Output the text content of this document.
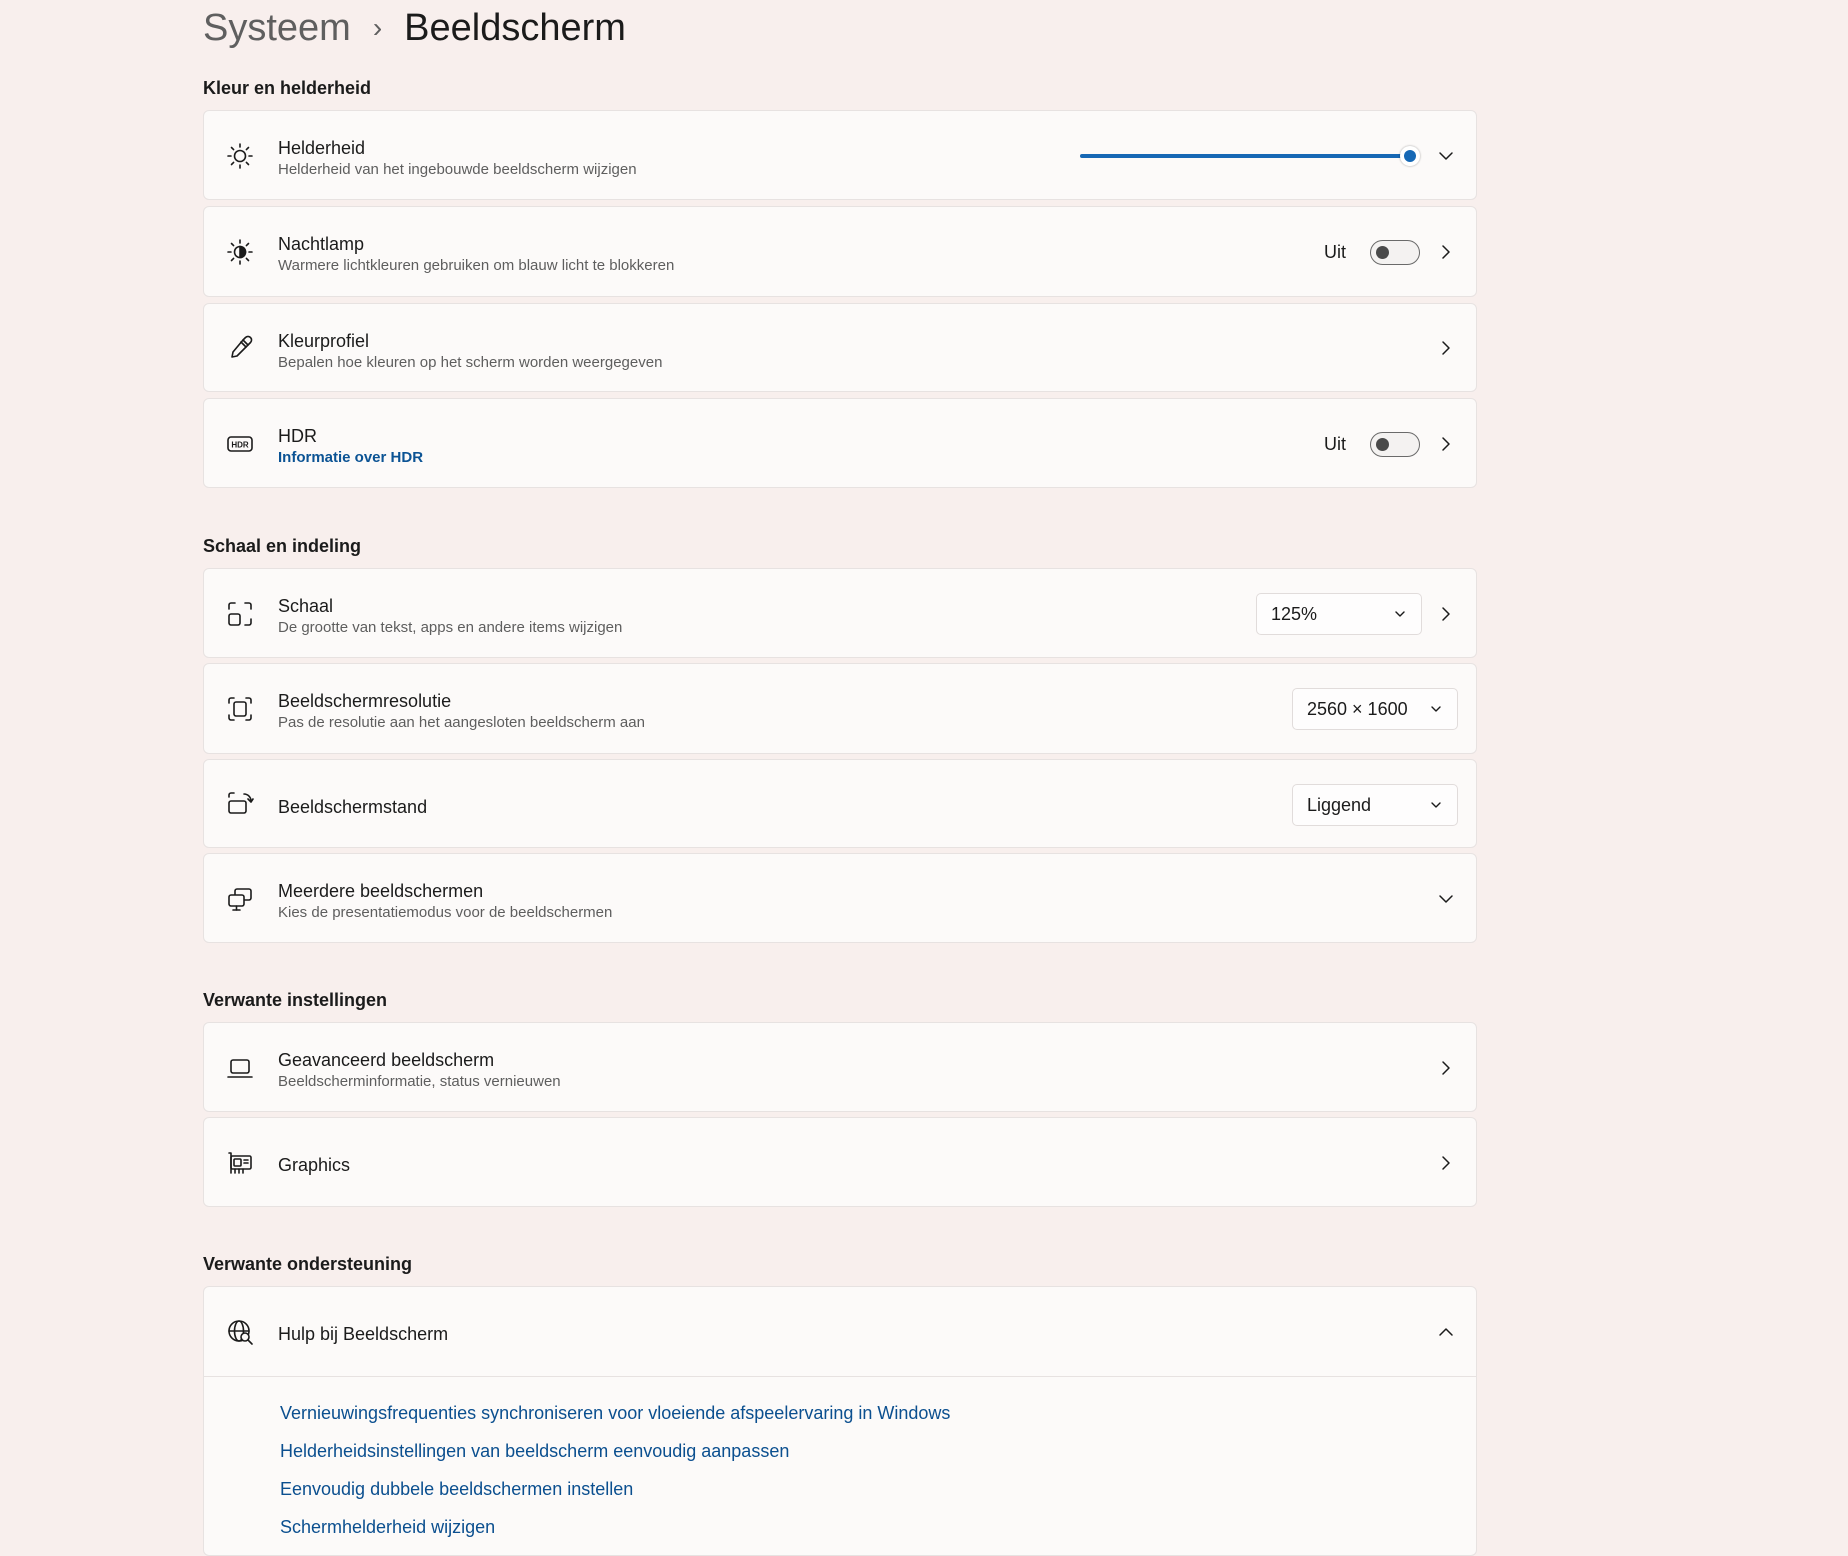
Systeem › Beeldscherm
Kleur en helderheid
Helderheid
Helderheid van het ingebouwde beeldscherm wijzigen
Nachtlamp
Warmere lichtkleuren gebruiken om blauw licht te blokkeren
Uit
Kleurprofiel
Bepalen hoe kleuren op het scherm worden weergegeven
HDR HDR
Informatie over HDR
Uit
Schaal en indeling
Schaal
De grootte van tekst, apps en andere items wijzigen
125%
Beeldschermresolutie
Pas de resolutie aan het aangesloten beeldscherm aan
2560 × 1600
Beeldschermstand	Liggend
Meerdere beeldschermen
Kies de presentatiemodus voor de beeldschermen
Verwante instellingen
Geavanceerd beeldscherm
Beeldscherminformatie, status vernieuwen
Graphics
Verwante ondersteuning
Hulp bij Beeldscherm
Vernieuwingsfrequenties synchroniseren voor vloeiende afspeelervaring in Windows
Helderheidsinstellingen van beeldscherm eenvoudig aanpassen
Eenvoudig dubbele beeldschermen instellen
Schermhelderheid wijzigen
